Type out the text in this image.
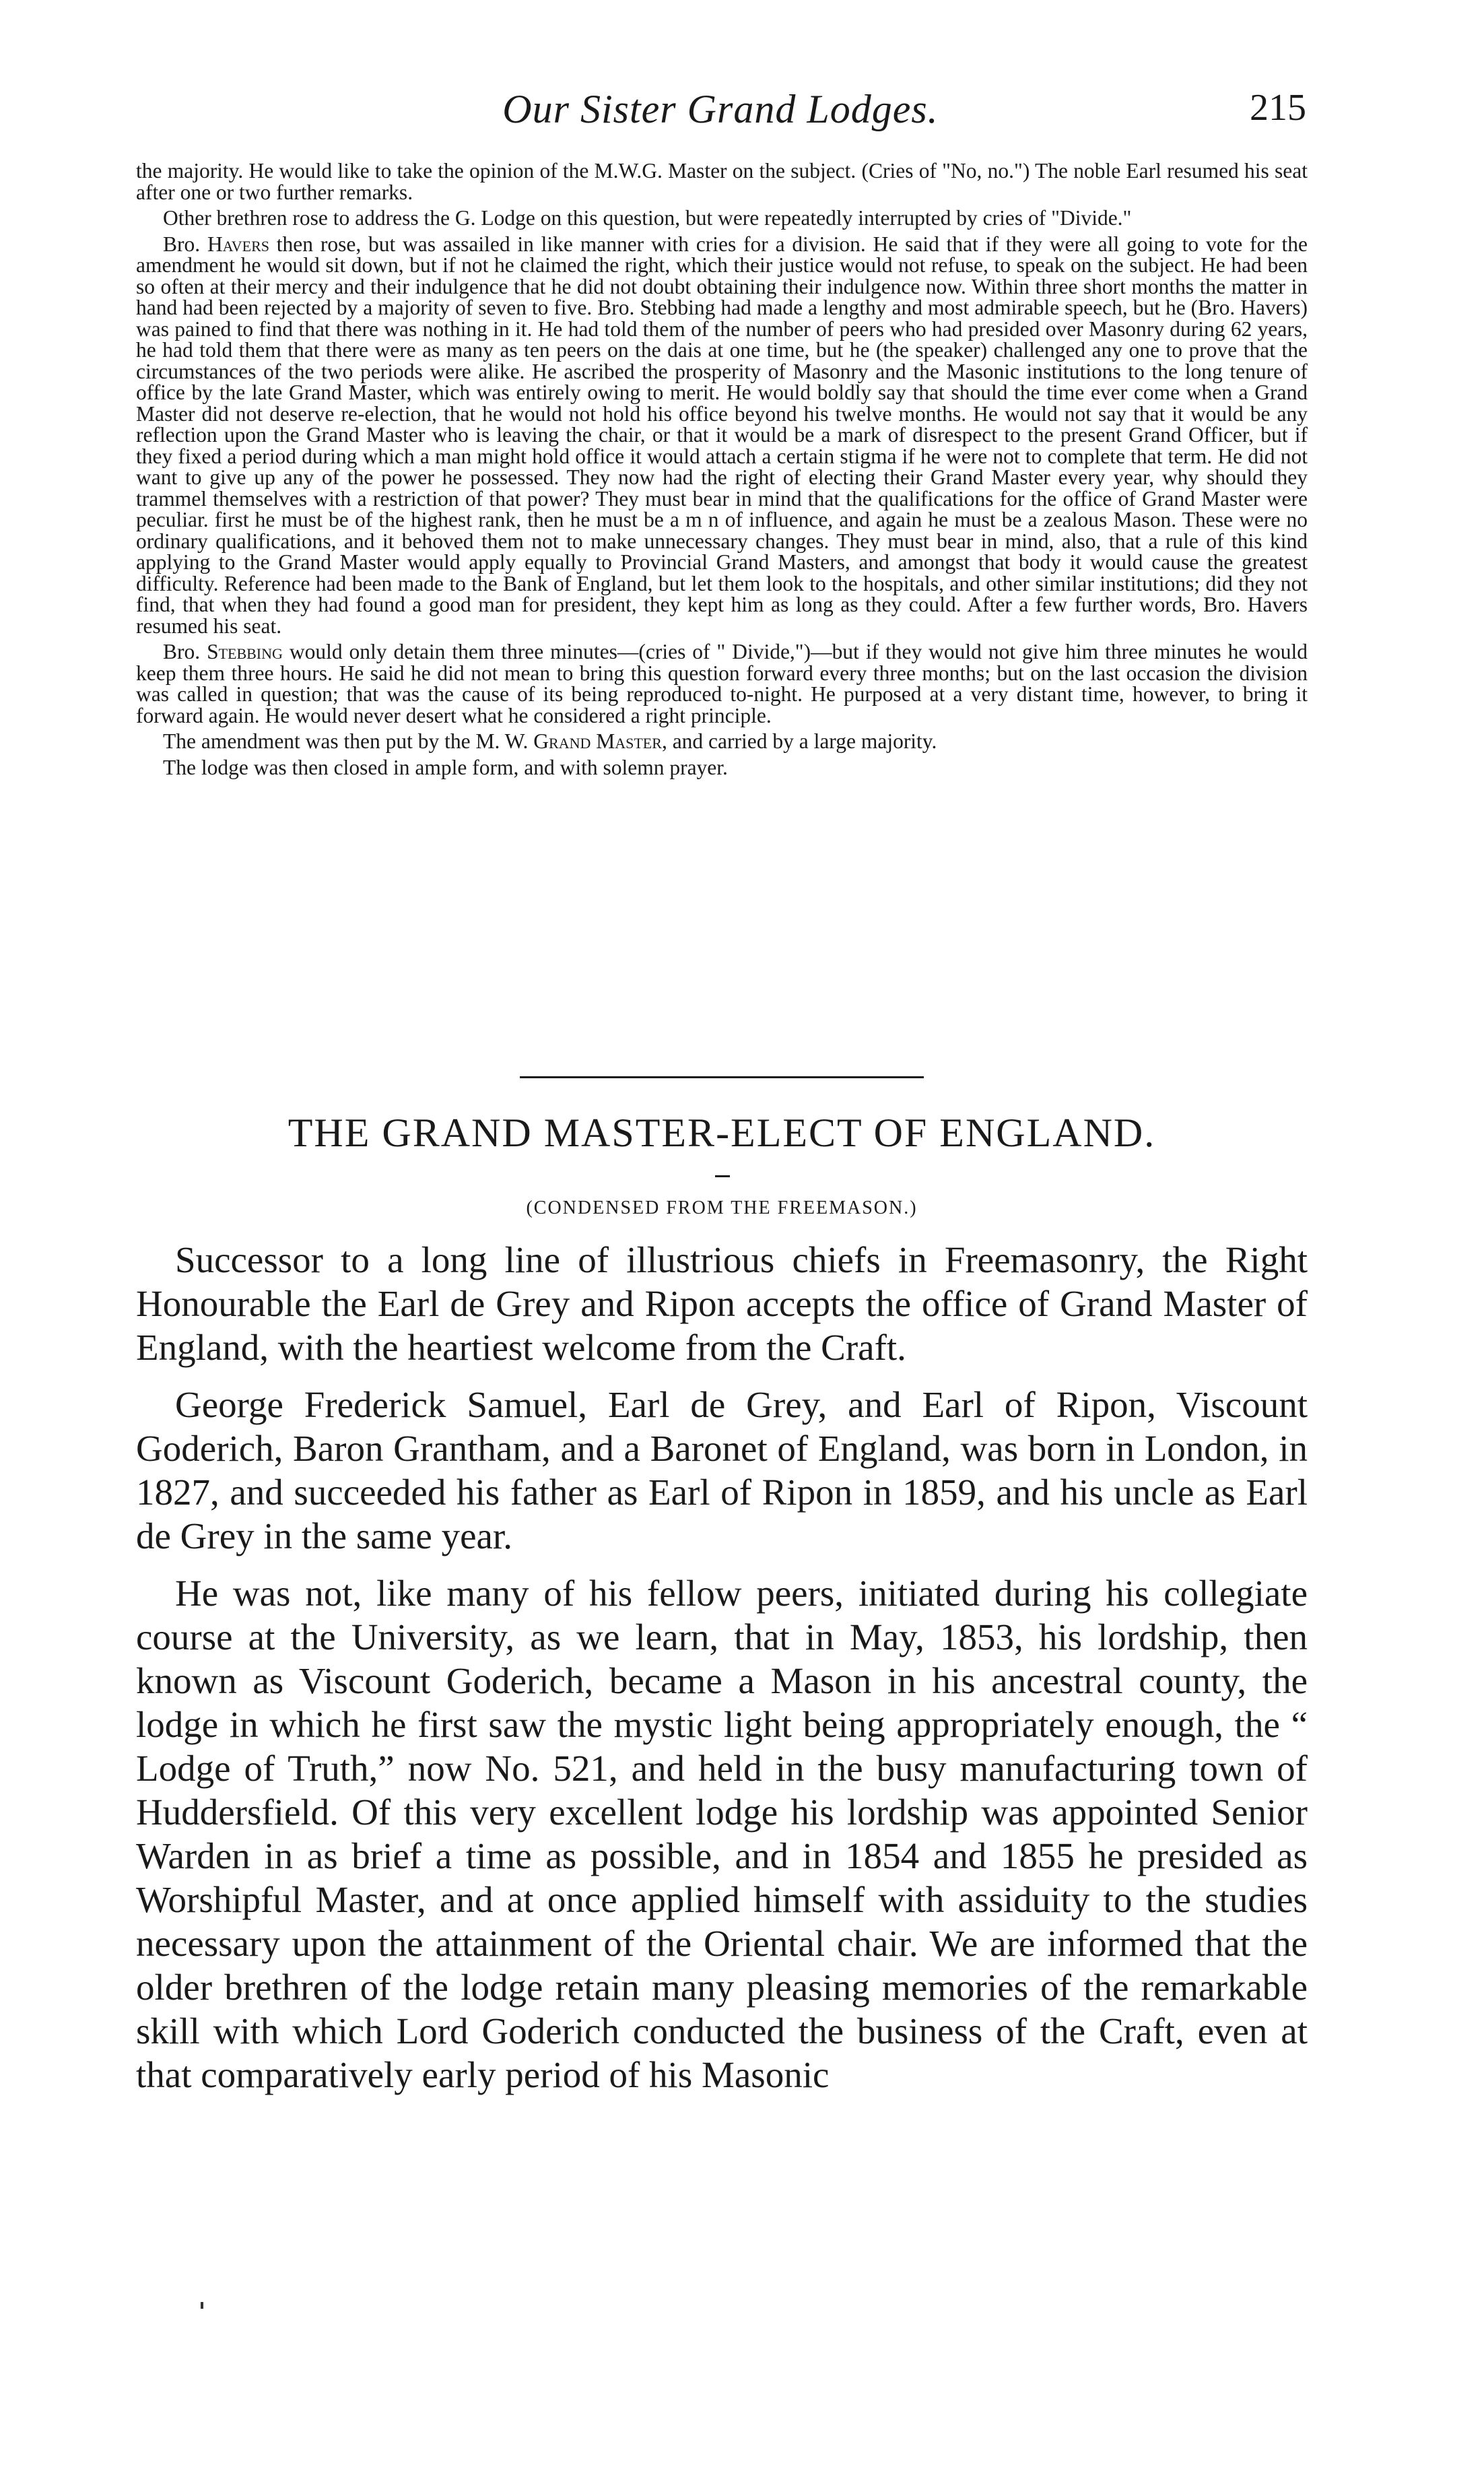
Our Sister Grand Lodges.	215

the majority. He would like to take the opinion of the M.W.G. Master on the subject. (Cries of "No, no.") The noble Earl resumed his seat after one or two further remarks.

Other brethren rose to address the G. Lodge on this question, but were repeatedly interrupted by cries of "Divide."

Bro. Havers then rose, but was assailed in like manner with cries for a division. He said that if they were all going to vote for the amendment he would sit down, but if not he claimed the right, which their justice would not refuse, to speak on the subject. He had been so often at their mercy and their indulgence that he did not doubt obtaining their indulgence now. Within three short months the matter in hand had been rejected by a majority of seven to five. Bro. Stebbing had made a lengthy and most admirable speech, but he (Bro. Havers) was pained to find that there was nothing in it. He had told them of the number of peers who had presided over Masonry during 62 years, he had told them that there were as many as ten peers on the dais at one time, but he (the speaker) challenged any one to prove that the circumstances of the two periods were alike. He ascribed the prosperity of Masonry and the Masonic institutions to the long tenure of office by the late Grand Master, which was entirely owing to merit. He would boldly say that should the time ever come when a Grand Master did not deserve re-election, that he would not hold his office beyond his twelve months. He would not say that it would be any reflection upon the Grand Master who is leaving the chair, or that it would be a mark of disrespect to the present Grand Officer, but if they fixed a period during which a man might hold office it would attach a certain stigma if he were not to complete that term. He did not want to give up any of the power he possessed. They now had the right of electing their Grand Master every year, why should they trammel themselves with a restriction of that power? They must bear in mind that the qualifications for the office of Grand Master were peculiar. first he must be of the highest rank, then he must be a m n of influence, and again he must be a zealous Mason. These were no ordinary qualifications, and it behoved them not to make unnecessary changes. They must bear in mind, also, that a rule of this kind applying to the Grand Master would apply equally to Provincial Grand Masters, and amongst that body it would cause the greatest difficulty. Reference had been made to the Bank of England, but let them look to the hospitals, and other similar institutions; did they not find, that when they had found a good man for president, they kept him as long as they could. After a few further words, Bro. Havers resumed his seat.

Bro. Stebbing would only detain them three minutes—(cries of " Divide,")—but if they would not give him three minutes he would keep them three hours. He said he did not mean to bring this question forward every three months; but on the last occasion the division was called in question; that was the cause of its being reproduced to-night. He purposed at a very distant time, however, to bring it forward again. He would never desert what he considered a right principle.

The amendment was then put by the M. W. Grand Master, and carried by a large majority.

The lodge was then closed in ample form, and with solemn prayer.

THE GRAND MASTER-ELECT OF ENGLAND.

(CONDENSED FROM THE FREEMASON.)

Successor to a long line of illustrious chiefs in Freemasonry, the Right Honourable the Earl de Grey and Ripon accepts the office of Grand Master of England, with the heartiest welcome from the Craft.

George Frederick Samuel, Earl de Grey, and Earl of Ripon, Viscount Goderich, Baron Grantham, and a Baronet of England, was born in London, in 1827, and succeeded his father as Earl of Ripon in 1859, and his uncle as Earl de Grey in the same year.

He was not, like many of his fellow peers, initiated during his collegiate course at the University, as we learn, that in May, 1853, his lordship, then known as Viscount Goderich, became a Mason in his ancestral county, the lodge in which he first saw the mystic light being appropriately enough, the “ Lodge of Truth,” now No. 521, and held in the busy manufacturing town of Huddersfield. Of this very excellent lodge his lordship was appointed Senior Warden in as brief a time as possible, and in 1854 and 1855 he presided as Worshipful Master, and at once applied himself with assiduity to the studies necessary upon the attainment of the Oriental chair. We are informed that the older brethren of the lodge retain many pleasing memories of the remarkable skill with which Lord Goderich conducted the business of the Craft, even at that comparatively early period of his Masonic
